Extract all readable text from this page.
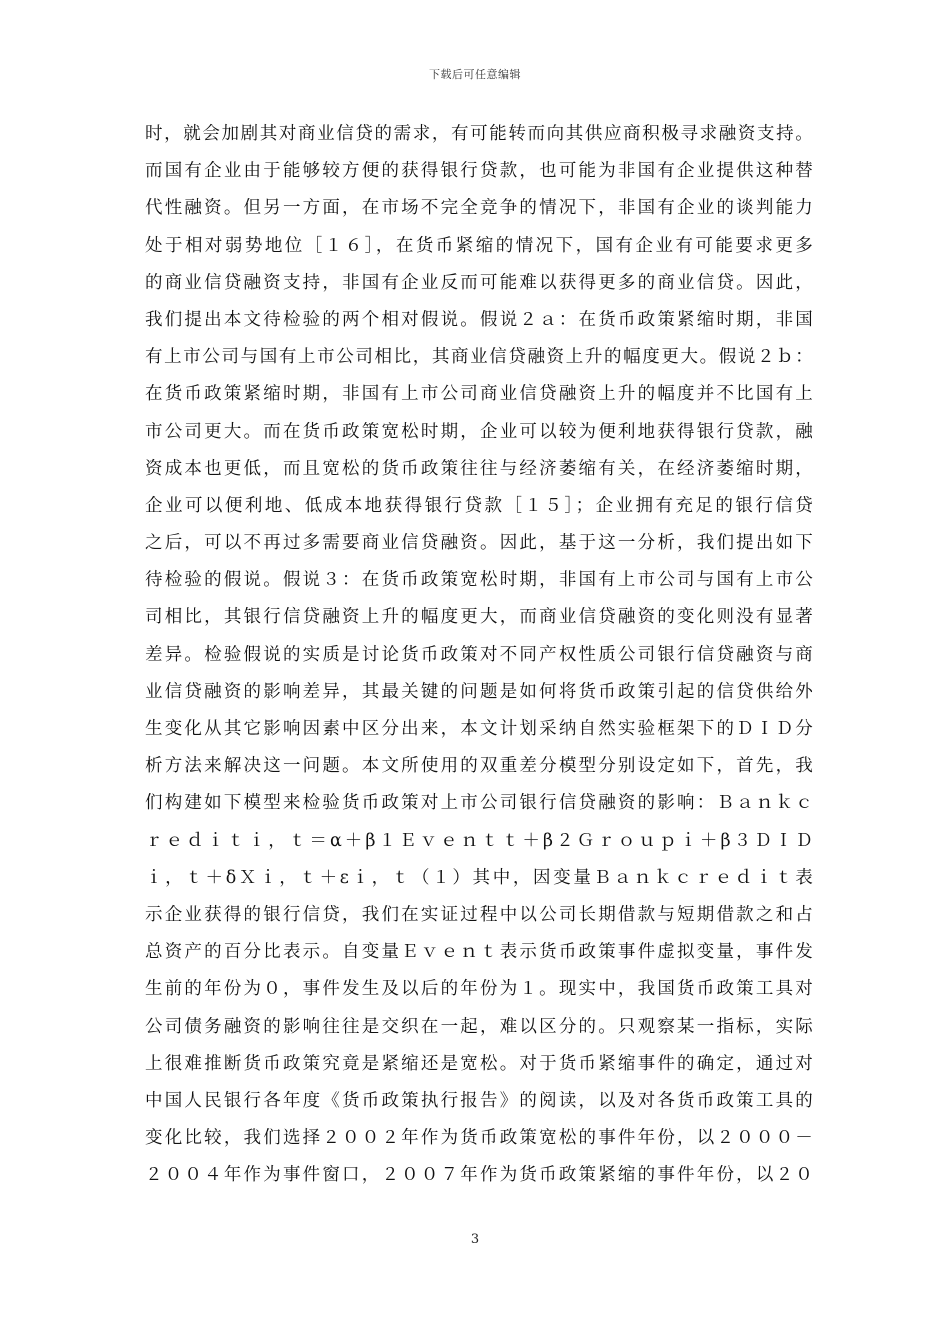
下载后可任意编辑
时，就会加剧其对商业信贷的需求，有可能转而向其供应商积极寻求融资支持。
而国有企业由于能够较方便的获得银行贷款，也可能为非国有企业提供这种替
代性融资。但另一方面，在市场不完全竞争的情况下，非国有企业的谈判能力
处于相对弱势地位［１６］，在货币紧缩的情况下，国有企业有可能要求更多
的商业信贷融资支持，非国有企业反而可能难以获得更多的商业信贷。因此，
我们提出本文待检验的两个相对假说。假说２ａ：在货币政策紧缩时期，非国
有上市公司与国有上市公司相比，其商业信贷融资上升的幅度更大。假说２ｂ：
在货币政策紧缩时期，非国有上市公司商业信贷融资上升的幅度并不比国有上
市公司更大。而在货币政策宽松时期，企业可以较为便利地获得银行贷款，融
资成本也更低，而且宽松的货币政策往往与经济萎缩有关，在经济萎缩时期，
企业可以便利地、低成本地获得银行贷款［１５］；企业拥有充足的银行信贷
之后，可以不再过多需要商业信贷融资。因此，基于这一分析，我们提出如下
待检验的假说。假说３：在货币政策宽松时期，非国有上市公司与国有上市公
司相比，其银行信贷融资上升的幅度更大，而商业信贷融资的变化则没有显著
差异。检验假说的实质是讨论货币政策对不同产权性质公司银行信贷融资与商
业信贷融资的影响差异，其最关键的问题是如何将货币政策引起的信贷供给外
生变化从其它影响因素中区分出来，本文计划采纳自然实验框架下的ＤＩＤ分
析方法来解决这一问题。本文所使用的双重差分模型分别设定如下，首先，我
们构建如下模型来检验货币政策对上市公司银行信贷融资的影响：Ｂａｎｋｃ
ｒｅｄｉｔｉ，ｔ＝α＋β１Ｅｖｅｎｔｔ＋β２Ｇｒｏｕｐｉ＋β３ＤＩＤ
ｉ，ｔ＋δＸｉ，ｔ＋εｉ，ｔ（１）其中，因变量Ｂａｎｋｃｒｅｄｉｔ表
示企业获得的银行信贷，我们在实证过程中以公司长期借款与短期借款之和占
总资产的百分比表示。自变量Ｅｖｅｎｔ表示货币政策事件虚拟变量，事件发
生前的年份为０，事件发生及以后的年份为１。现实中，我国货币政策工具对
公司债务融资的影响往往是交织在一起，难以区分的。只观察某一指标，实际
上很难推断货币政策究竟是紧缩还是宽松。对于货币紧缩事件的确定，通过对
中国人民银行各年度《货币政策执行报告》的阅读，以及对各货币政策工具的
变化比较，我们选择２００２年作为货币政策宽松的事件年份，以２０００－
２００４年作为事件窗口，２００７年作为货币政策紧缩的事件年份，以２０
3
